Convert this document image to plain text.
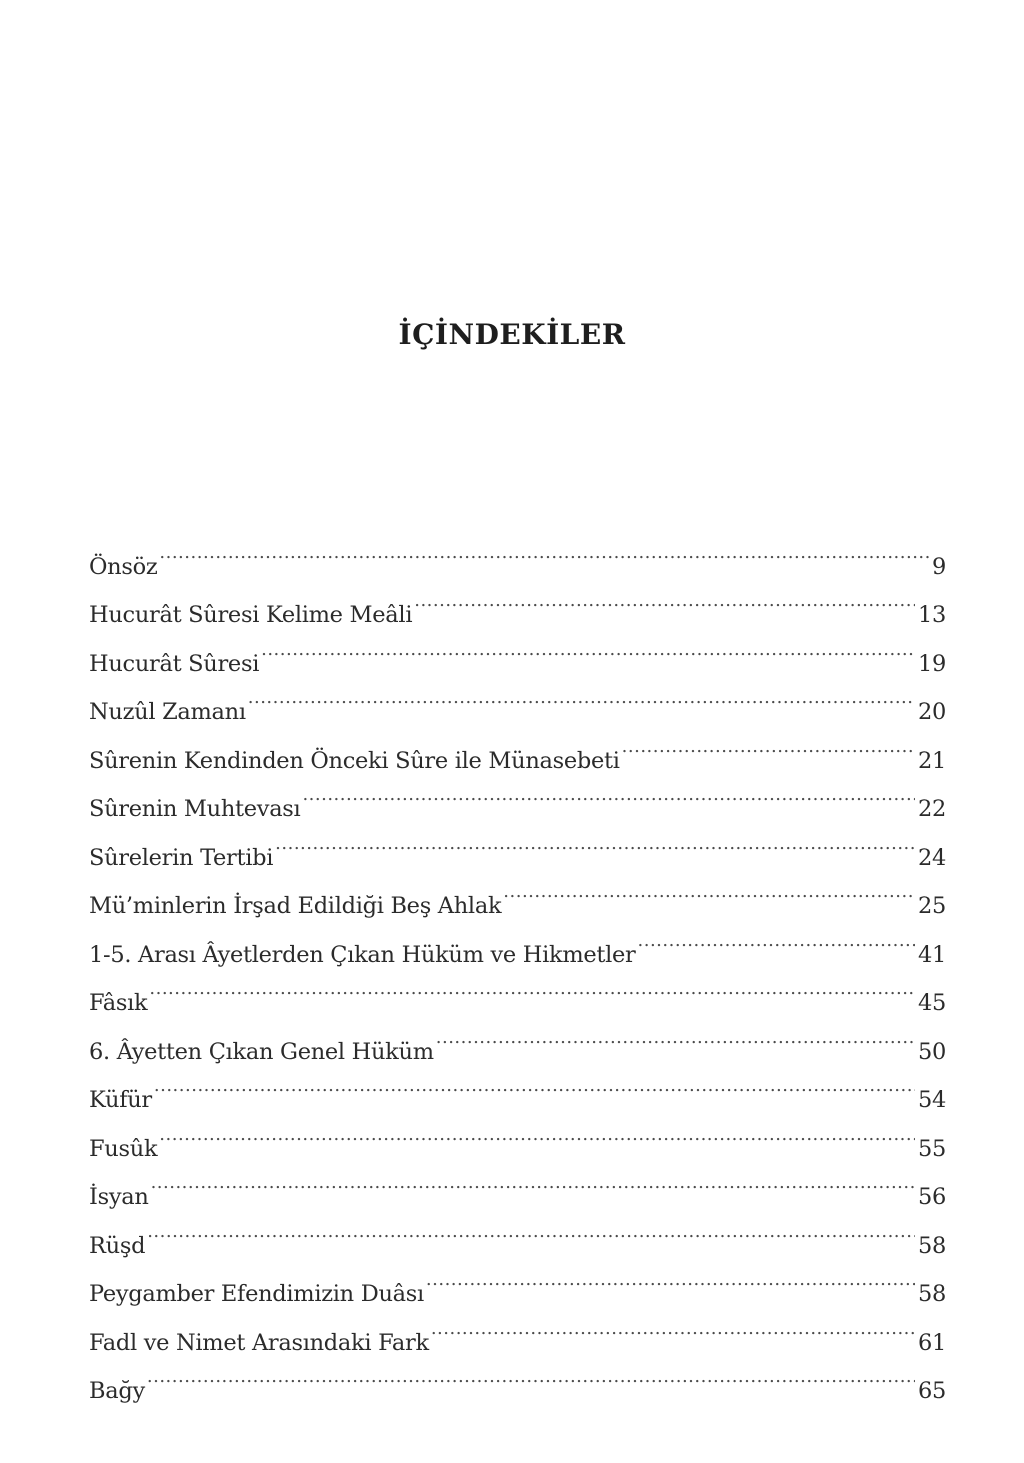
İÇİNDEKİLER
Önsöz .....	9
Hucurât Sûresi Kelime Meâli .....	13
Hucurât Sûresi .....	19
Nuzûl Zamanı .....	20
Sûrenin Kendinden Önceki Sûre ile Münasebeti .....	21
Sûrenin Muhtevası .....	22
Sûrelerin Tertibi .....	24
Mü’minlerin İrşad Edildiği Beş Ahlak .....	25
1-5. Arası Âyetlerden Çıkan Hüküm ve Hikmetler .....	41
Fâsık .....	45
6. Âyetten Çıkan Genel Hüküm .....	50
Küfür .....	54
Fusûk .....	55
İsyan .....	56
Rüşd .....	58
Peygamber Efendimizin Duâsı .....	58
Fadl ve Nimet Arasındaki Fark .....	61
Bağy .....	65
